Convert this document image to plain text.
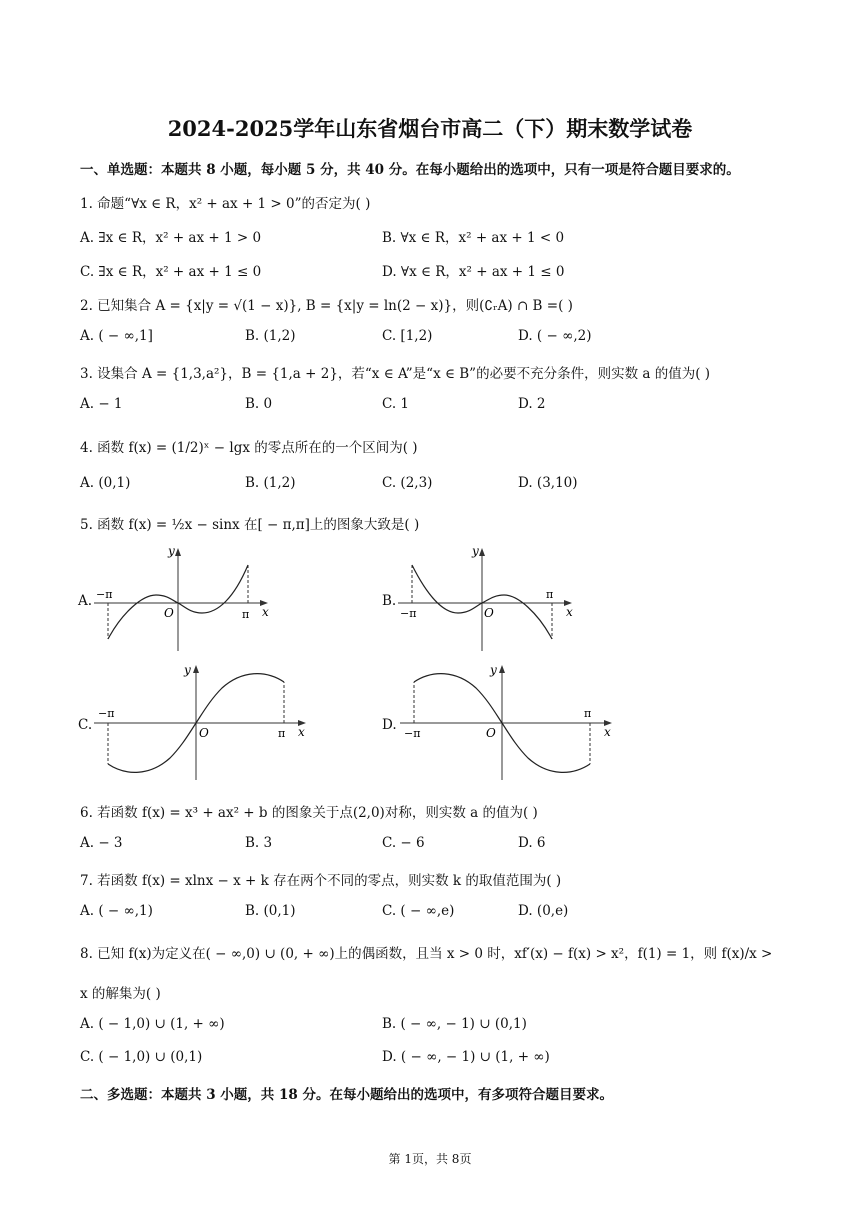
2024-2025学年山东省烟台市高二（下）期末数学试卷
一、单选题：本题共 8 小题，每小题 5 分，共 40 分。在每小题给出的选项中，只有一项是符合题目要求的。
1. 命题“∀x ∈ R，x² + ax + 1 > 0”的否定为( )
A. ∃x ∈ R，x² + ax + 1 > 0	B. ∀x ∈ R，x² + ax + 1 < 0
C. ∃x ∈ R，x² + ax + 1 ≤ 0	D. ∀x ∈ R，x² + ax + 1 ≤ 0
2. 已知集合 A = {x|y = √(1 − x)}, B = {x|y = ln(2 − x)}，则(∁ᵣA) ∩ B =( )
A. ( − ∞,1]	B. (1,2)	C. [1,2)	D. ( − ∞,2)
3. 设集合 A = {1,3,a²}，B = {1,a + 2}，若“x ∈ A”是“x ∈ B”的必要不充分条件，则实数 a 的值为( )
A. − 1	B. 0	C. 1	D. 2
4. 函数 f(x) = (1/2)ˣ − lgx 的零点所在的一个区间为( )
A. (0,1)	B. (1,2)	C. (2,3)	D. (3,10)
5. 函数 f(x) = ½x − sinx 在[ − π,π]上的图象大致是( )
A.
y
x
O
−π
π
B.
y
x
O
−π
π
C.
y
x
O
−π
π
D.
y
x
O
−π
π
6. 若函数 f(x) = x³ + ax² + b 的图象关于点(2,0)对称，则实数 a 的值为( )
A. − 3	B. 3	C. − 6	D. 6
7. 若函数 f(x) = xlnx − x + k 存在两个不同的零点，则实数 k 的取值范围为( )
A. ( − ∞,1)	B. (0,1)	C. ( − ∞,e)	D. (0,e)
8. 已知 f(x)为定义在( − ∞,0) ∪ (0, + ∞)上的偶函数，且当 x > 0 时，xf′(x) − f(x) > x²，f(1) = 1，则 f(x)/x >
x 的解集为( )
A. ( − 1,0) ∪ (1, + ∞)	B. ( − ∞, − 1) ∪ (0,1)
C. ( − 1,0) ∪ (0,1)	D. ( − ∞, − 1) ∪ (1, + ∞)
二、多选题：本题共 3 小题，共 18 分。在每小题给出的选项中，有多项符合题目要求。
第 1页，共 8页
